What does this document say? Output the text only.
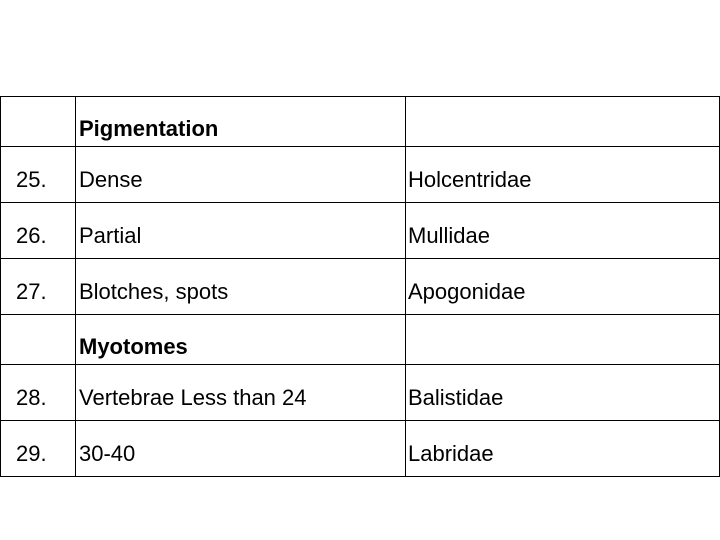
	Pigmentation	
25.	Dense	Holcentridae
26.	Partial	Mullidae
27.	Blotches, spots	Apogonidae
	Myotomes	
28.	Vertebrae Less than 24	Balistidae
29.	30-40	Labridae
